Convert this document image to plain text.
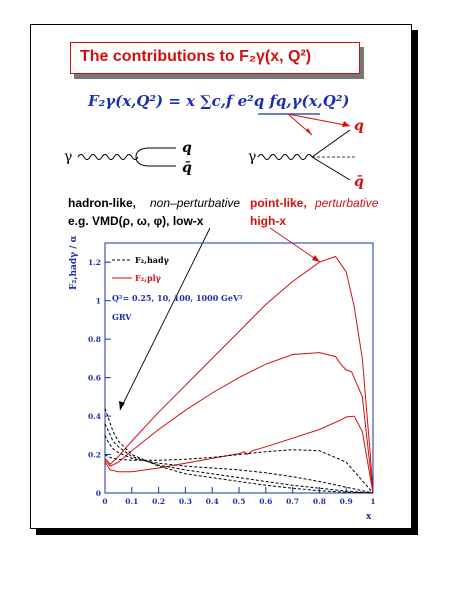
The contributions to F₂γ(x, Q²)
F₂γ(x,Q²) = x ∑c,f e²q fq,γ(x,Q²)
γ
q
q̄
γ
q
q̄
hadron-like, non–perturbative
e.g. VMD(ρ, ω, φ), low-x
point-like, perturbative
high-x
0 0.1 0.2 0.3 0.4 0.5 0.6 0.7 0.8 0.9 1
0
0.2
0.4
0.6
0.8
1
1.2
F₂,hadγ / α
x
F₂,hadγ
F₂,plγ
Q²= 0.25, 10, 100, 1000 GeV²
GRV
